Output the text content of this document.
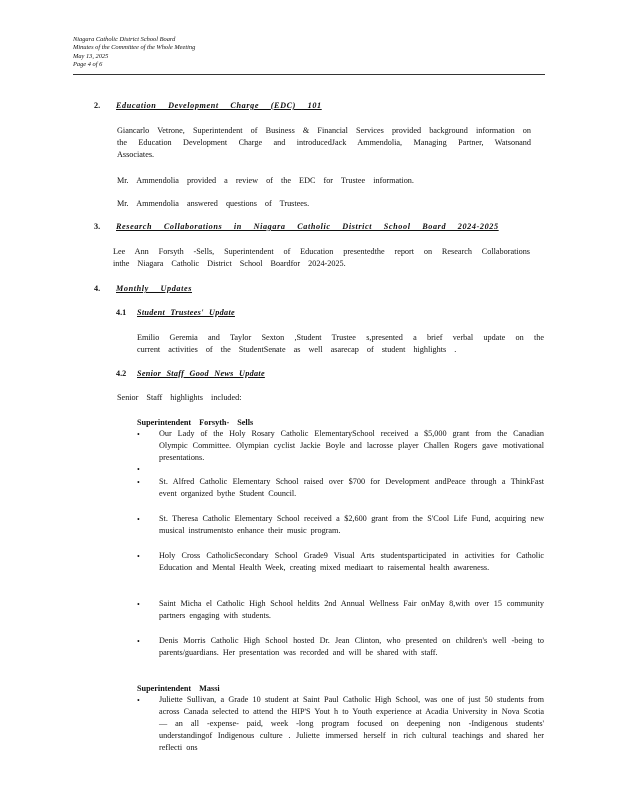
Niagara Catholic District School Board
Minutes of the Committee of the Whole Meeting
May 13, 2025
Page 4 of 6
2. Education Development Charge (EDC) 101
Giancarlo Vetrone, Superintendent of Business & Financial Services provided background information on the Education Development Charge and introducedJack Ammendolia, Managing Partner, Watsonand Associates.
Mr. Ammendolia provided a review of the EDC for Trustee information.
Mr. Ammendolia answered questions of Trustees.
3. Research Collaborations in Niagara Catholic District School Board 2024-2025
Lee Ann Forsyth -Sells, Superintendent of Education presentedthe report on Research Collaborations inthe Niagara Catholic District School Boardfor 2024-2025.
4. Monthly Updates
4.1 Student Trustees' Update
Emilio Geremia and Taylor Sexton ,Student Trustee s,presented a brief verbal update on the current activities of the StudentSenate as well asarecap of student highlights .
4.2 Senior Staff Good News Update
Senior Staff highlights included:
Superintendent Forsyth- Sells
• Our Lady of the Holy Rosary Catholic ElementarySchool received a $5,000 grant from the Canadian Olympic Committee. Olympian cyclist Jackie Boyle and lacrosse player Challen Rogers gave motivational presentations.
•
• St. Alfred Catholic Elementary School raised over $700 for Development andPeace through a ThinkFast event organized bythe Student Council.
• St. Theresa Catholic Elementary School received a $2,600 grant from the S'Cool Life Fund, acquiring new musical instrumentsto enhance their music program.
• Holy Cross CatholicSecondary School Grade9 Visual Arts studentsparticipated in activities for Catholic Education and Mental Health Week, creating mixed mediaart to raisemental health awareness.
• Saint Micha el Catholic High School heldits 2nd Annual Wellness Fair onMay 8,with over 15 community partners engaging with students.
• Denis Morris Catholic High School hosted Dr. Jean Clinton, who presented on children's well -being to parents/guardians. Her presentation was recorded and will be shared with staff.
Superintendent Massi
• Juliette Sullivan, a Grade 10 student at Saint Paul Catholic High School, was one of just 50 students from across Canada selected to attend the HIP'S Yout h to Youth experience at Acadia University in Nova Scotia — an all -expense- paid, week -long program focused on deepening non -Indigenous students' understandingof Indigenous culture . Juliette immersed herself in rich cultural teachings and shared her reflecti ons
